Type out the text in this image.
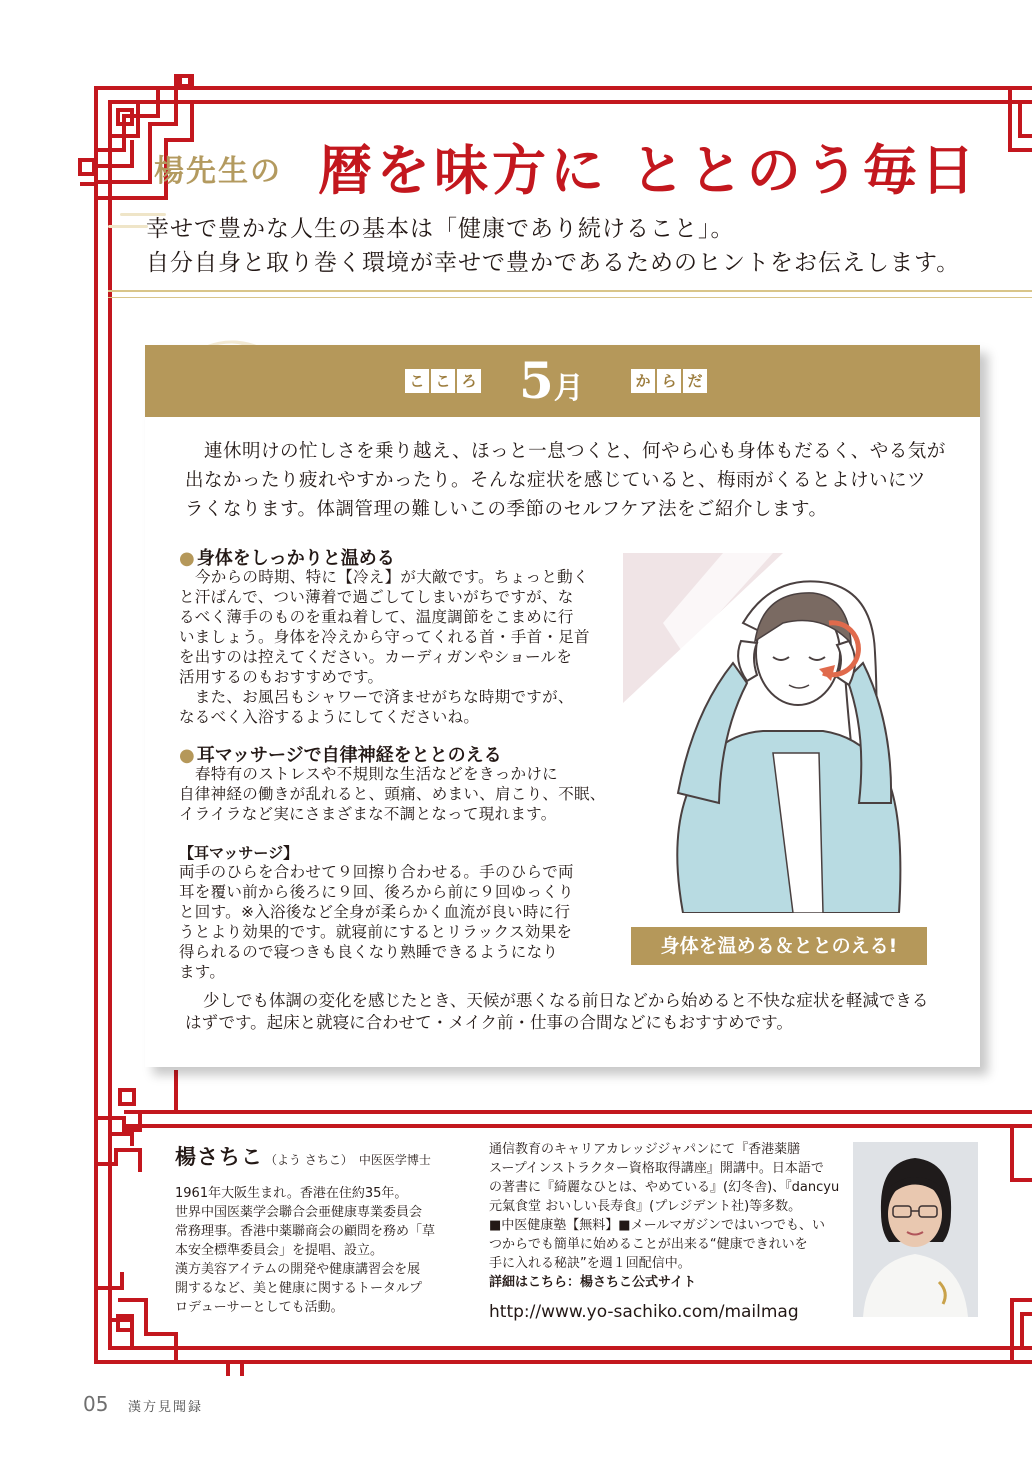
楊先生の 暦を味方に ととのう毎日
幸せで豊かな人生の基本は「健康であり続けること」。
自分自身と取り巻く環境が幸せで豊かであるためのヒントをお伝えします。
こ こ ろ 5月	か ら だ
連休明けの忙しさを乗り越え、ほっと一息つくと、何やら心も身体もだるく、やる気が
出なかったり疲れやすかったり。そんな症状を感じていると、梅雨がくるとよけいにツ
ラくなります。体調管理の難しいこの季節のセルフケア法をご紹介します。
● 身体をしっかりと温める
今からの時期、特に【冷え】が大敵です。ちょっと動く
と汗ばんで、つい薄着で過ごしてしまいがちですが、な
るべく薄手のものを重ね着して、温度調節をこまめに行
いましょう。身体を冷えから守ってくれる首・手首・足首
を出すのは控えてください。カーディガンやショールを
活用するのもおすすめです。
　また、お風呂もシャワーで済ませがちな時期ですが、
なるべく入浴するようにしてくださいね。
● 耳マッサージで自律神経をととのえる
春特有のストレスや不規則な生活などをきっかけに
自律神経の働きが乱れると、頭痛、めまい、肩こり、不眠、
イライラなど実にさまざまな不調となって現れます。
【耳マッサージ】
両手のひらを合わせて９回擦り合わせる。手のひらで両
耳を覆い前から後ろに９回、後ろから前に９回ゆっくり
と回す。※入浴後など全身が柔らかく血流が良い時に行
うとより効果的です。就寝前にするとリラックス効果を
得られるので寝つきも良くなり熟睡できるようになり
ます。
身体を温める＆ととのえる!
少しでも体調の変化を感じたとき、天候が悪くなる前日などから始めると不快な症状を軽減できる
はずです。起床と就寝に合わせて・メイク前・仕事の合間などにもおすすめです。
楊さちこ （よう さちこ） 中医医学博士
1961年大阪生まれ。香港在住約35年。
世界中国医薬学会聯合会亜健康専業委員会
常務理事。香港中薬聯商会の顧問を務め「草
本安全標準委員会」を提唱、設立。
漢方美容アイテムの開発や健康講習会を展
開するなど、美と健康に関するトータルプ
ロデューサーとしても活動。
通信教育のキャリアカレッジジャパンにて『香港薬膳
スープインストラクター資格取得講座』開講中。日本語で
の著書に『綺麗なひとは、やめている』(幻冬舎)、『dancyu
元氣食堂 おいしい長寿食』(プレジデント社)等多数。
■中医健康塾【無料】■メールマガジンではいつでも、い
つからでも簡単に始めることが出来る“健康できれいを
手に入れる秘訣”を週１回配信中。
詳細はこちら：楊さちこ公式サイト
http://www.yo-sachiko.com/mailmag
05 漢方見聞録
